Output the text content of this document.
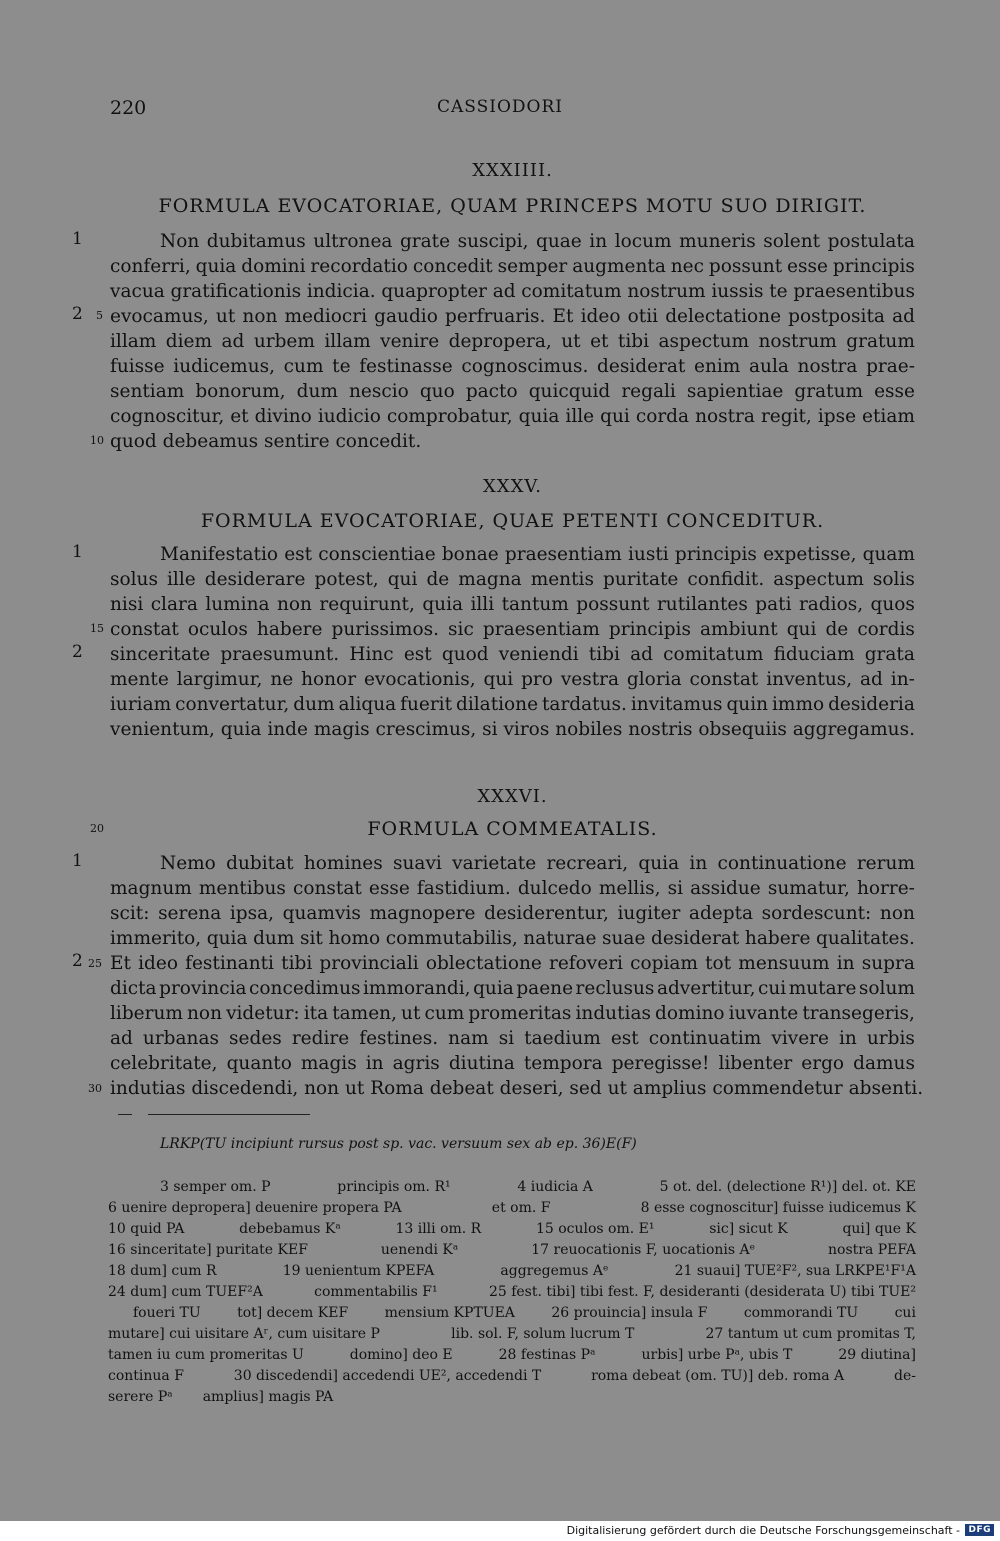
220	CASSIODORI
XXXIIII.
FORMULA EVOCATORIAE, QUAM PRINCEPS MOTU SUO DIRIGIT.
Non dubitamus ultronea grate suscipi, quae in locum muneris solent postulata
conferri, quia domini recordatio concedit semper augmenta nec possunt esse principis
vacua gratificationis indicia. quapropter ad comitatum nostrum iussis te praesentibus
evocamus, ut non mediocri gaudio perfruaris. Et ideo otii delectatione postposita ad
illam diem ad urbem illam venire depropera, ut et tibi aspectum nostrum gratum
fuisse iudicemus, cum te festinasse cognoscimus. desiderat enim aula nostra prae-
sentiam bonorum, dum nescio quo pacto quicquid regali sapientiae gratum esse
cognoscitur, et divino iudicio comprobatur, quia ille qui corda nostra regit, ipse etiam
quod debeamus sentire concedit.
1
2 5
10
XXXV.
FORMULA EVOCATORIAE, QUAE PETENTI CONCEDITUR.
Manifestatio est conscientiae bonae praesentiam iusti principis expetisse, quam
solus ille desiderare potest, qui de magna mentis puritate confidit. aspectum solis
nisi clara lumina non requirunt, quia illi tantum possunt rutilantes pati radios, quos
constat oculos habere purissimos. sic praesentiam principis ambiunt qui de cordis
sinceritate praesumunt. Hinc est quod veniendi tibi ad comitatum fiduciam grata
mente largimur, ne honor evocationis, qui pro vestra gloria constat inventus, ad in-
iuriam convertatur, dum aliqua fuerit dilatione tardatus. invitamus quin immo desideria
venientum, quia inde magis crescimus, si viros nobiles nostris obsequiis aggregamus.
1
2
15
20
XXXVI.
FORMULA COMMEATALIS.
Nemo dubitat homines suavi varietate recreari, quia in continuatione rerum
magnum mentibus constat esse fastidium. dulcedo mellis, si assidue sumatur, horre-
scit: serena ipsa, quamvis magnopere desiderentur, iugiter adepta sordescunt: non
immerito, quia dum sit homo commutabilis, naturae suae desiderat habere qualitates.
Et ideo festinanti tibi provinciali oblectatione refoveri copiam tot mensuum in supra
dicta provincia concedimus immorandi, quia paene reclusus advertitur, cui mutare solum
liberum non videtur: ita tamen, ut cum promeritas indutias domino iuvante transegeris,
ad urbanas sedes redire festines. nam si taedium est continuatim vivere in urbis
celebritate, quanto magis in agris diutina tempora peregisse! libenter ergo damus
indutias discedendi, non ut Roma debeat deseri, sed ut amplius commendetur absenti.
1
2 25
30
LRKP(TU incipiunt rursus post sp. vac. versuum sex ab ep. 36)E(F)
3 semper om. P	principis om. R¹	4 iudicia A	5 ot. del. (delectione R¹)] del. ot. KE
6 uenire depropera] deuenire propera PA	et om. F	8 esse cognoscitur] fuisse iudicemus K
10 quid PA	debebamus Kᵃ	13 illi om. R	15 oculos om. E¹	sic] sicut K	qui] que K
16 sinceritate] puritate KEF	uenendi Kᵃ	17 reuocationis F, uocationis Aᵉ	nostra PEFA
18 dum] cum R	19 uenientum KPEFA	aggregemus Aᵉ	21 suaui] TUE²F², sua LRKPE¹F¹A
24 dum] cum TUEF²A	commentabilis F¹	25 fest. tibi] tibi fest. F, desideranti (desiderata U) tibi TUE²
foueri TU	tot] decem KEF	mensium KPTUEA	26 prouincia] insula F	commorandi TU	cui
mutare] cui uisitare Aʳ, cum uisitare P	lib. sol. F, solum lucrum T	27 tantum ut cum promitas T,
tamen iu cum promeritas U	domino] deo E	28 festinas Pᵃ	urbis] urbe Pᵃ, ubis T	29 diutina]
continua F	30 discedendi] accedendi UE², accedendi T	roma debeat (om. TU)] deb. roma A	de-
serere Pᵃ amplius] magis PA
Digitalisierung gefördert durch die Deutsche Forschungsgemeinschaft - DFG
